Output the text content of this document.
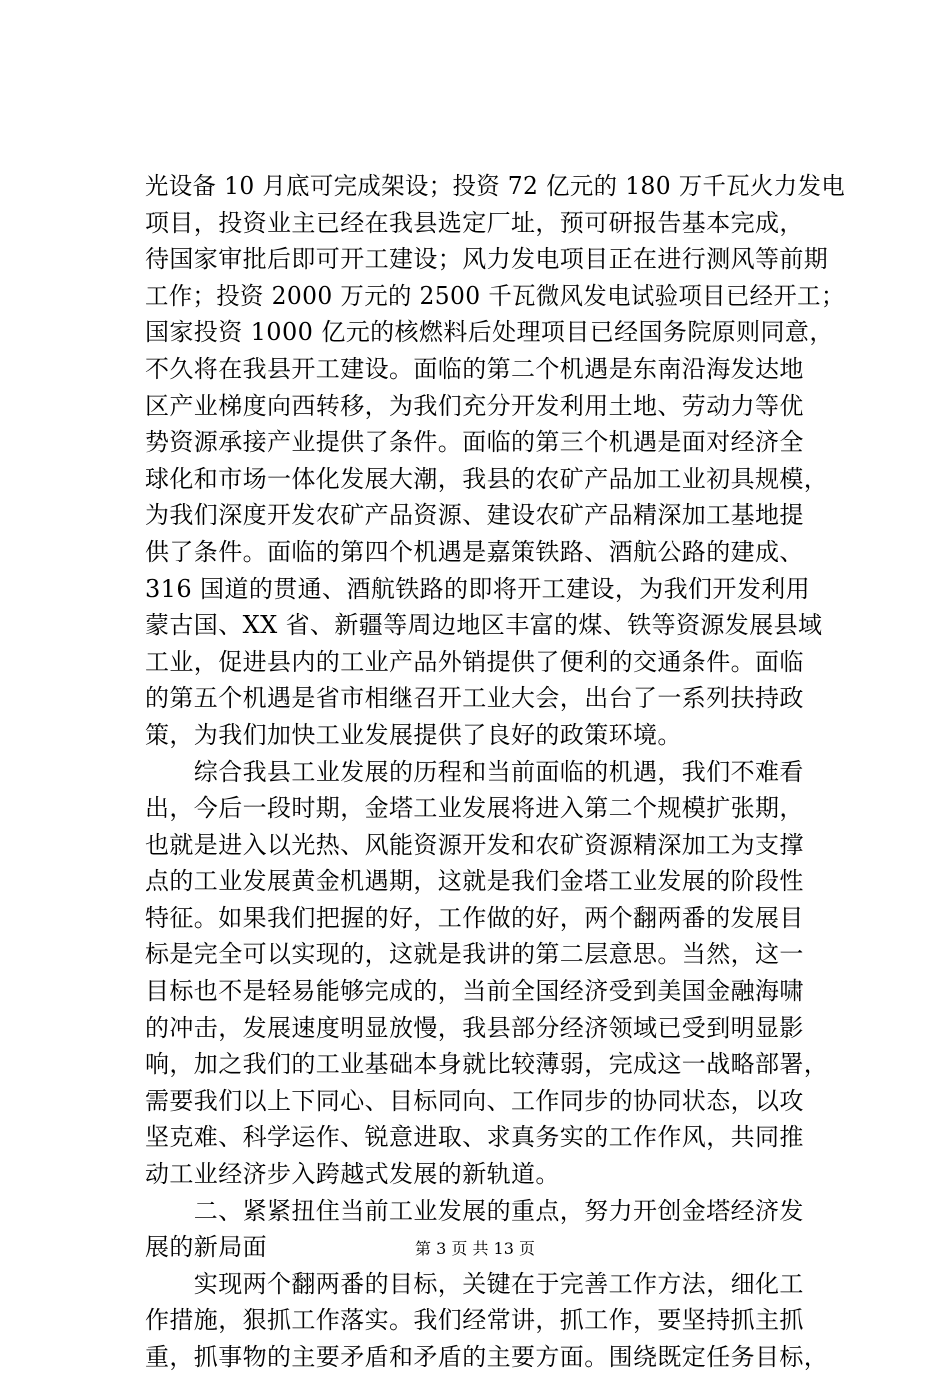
光设备 10 月底可完成架设；投资 72 亿元的 180 万千瓦火力发电
项目，投资业主已经在我县选定厂址，预可研报告基本完成，
待国家审批后即可开工建设；风力发电项目正在进行测风等前期
工作；投资 2000 万元的 2500 千瓦微风发电试验项目已经开工；
国家投资 1000 亿元的核燃料后处理项目已经国务院原则同意，
不久将在我县开工建设。面临的第二个机遇是东南沿海发达地
区产业梯度向西转移，为我们充分开发利用土地、劳动力等优
势资源承接产业提供了条件。面临的第三个机遇是面对经济全
球化和市场一体化发展大潮，我县的农矿产品加工业初具规模，
为我们深度开发农矿产品资源、建设农矿产品精深加工基地提
供了条件。面临的第四个机遇是嘉策铁路、酒航公路的建成、
316 国道的贯通、酒航铁路的即将开工建设，为我们开发利用
蒙古国、XX 省、新疆等周边地区丰富的煤、铁等资源发展县域
工业，促进县内的工业产品外销提供了便利的交通条件。面临
的第五个机遇是省市相继召开工业大会，出台了一系列扶持政
策，为我们加快工业发展提供了良好的政策环境。
　　综合我县工业发展的历程和当前面临的机遇，我们不难看
出，今后一段时期，金塔工业发展将进入第二个规模扩张期，
也就是进入以光热、风能资源开发和农矿资源精深加工为支撑
点的工业发展黄金机遇期，这就是我们金塔工业发展的阶段性
特征。如果我们把握的好，工作做的好，两个翻两番的发展目
标是完全可以实现的，这就是我讲的第二层意思。当然，这一
目标也不是轻易能够完成的，当前全国经济受到美国金融海啸
的冲击，发展速度明显放慢，我县部分经济领域已受到明显影
响，加之我们的工业基础本身就比较薄弱，完成这一战略部署，
需要我们以上下同心、目标同向、工作同步的协同状态，以攻
坚克难、科学运作、锐意进取、求真务实的工作作风，共同推
动工业经济步入跨越式发展的新轨道。
　　二、紧紧扭住当前工业发展的重点，努力开创金塔经济发
展的新局面
　　实现两个翻两番的目标，关键在于完善工作方法，细化工
作措施，狠抓工作落实。我们经常讲，抓工作，要坚持抓主抓
重，抓事物的主要矛盾和矛盾的主要方面。围绕既定任务目标，
第 3 页 共 13 页
